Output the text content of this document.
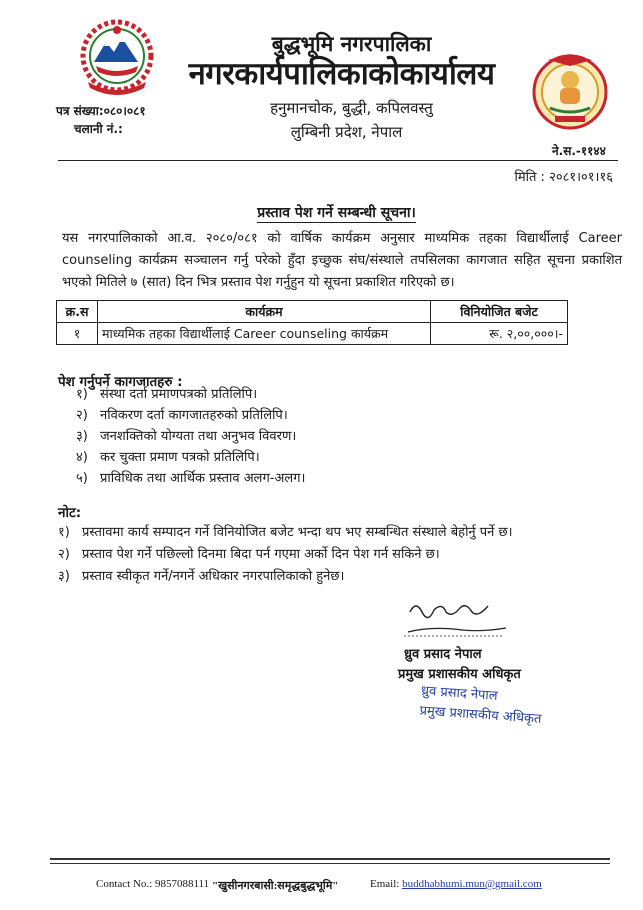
बुद्धभूमि नगरपालिका
नगरकार्यपालिकाकोकार्यालय
हनुमानचोक, बुद्धी, कपिलवस्तु
लुम्बिनी प्रदेश, नेपाल
पत्र संख्या:०८०।०८१
चलानी नं.:
ने.स.-११४४
मिति : २०८१।०१।१६
प्रस्ताव पेश गर्ने सम्बन्धी सूचना।
यस नगरपालिकाको आ.व. २०८०/०८१ को वार्षिक कार्यक्रम अनुसार माध्यमिक तहका विद्यार्थीलाई Career counseling कार्यक्रम सञ्चालन गर्नु परेको हुँदा इच्छुक संघ/संस्थाले तपसिलका कागजात सहित सूचना प्रकाशित भएको मितिले ७ (सात) दिन भित्र प्रस्ताव पेश गर्नुहुन यो सूचना प्रकाशित गरिएको छ।
क्र.स	कार्यक्रम	विनियोजित बजेट
१	माध्यमिक तहका विद्यार्थीलाई Career counseling कार्यक्रम	रू. २,००,०००।-
पेश गर्नुपर्ने कागजातहरु :
१) संस्था दर्ता प्रमाणपत्रको प्रतिलिपि।
२) नविकरण दर्ता कागजातहरुको प्रतिलिपि।
३) जनशक्तिको योग्यता तथा अनुभव विवरण।
४) कर चुक्ता प्रमाण पत्रको प्रतिलिपि।
५) प्राविधिक तथा आर्थिक प्रस्ताव अलग-अलग।
नोट:
१) प्रस्तावमा कार्य सम्पादन गर्ने विनियोजित बजेट भन्दा थप भए सम्बन्धित संस्थाले बेहोर्नु पर्ने छ।
२) प्रस्ताव पेश गर्ने पछिल्लो दिनमा बिदा पर्न गएमा अर्को दिन पेश गर्न सकिने छ।
३) प्रस्ताव स्वीकृत गर्ने/नगर्ने अधिकार नगरपालिकाको हुनेछ।
ध्रुव प्रसाद नेपाल
प्रमुख प्रशासकीय अधिकृत
ध्रुव प्रसाद नेपाल
प्रमुख प्रशासकीय अधिकृत
Contact No.: 9857088111 "खुसीनगरबासी:समृद्धबुद्धभूमि"	Email: buddhabhumi.mun@gmail.com
